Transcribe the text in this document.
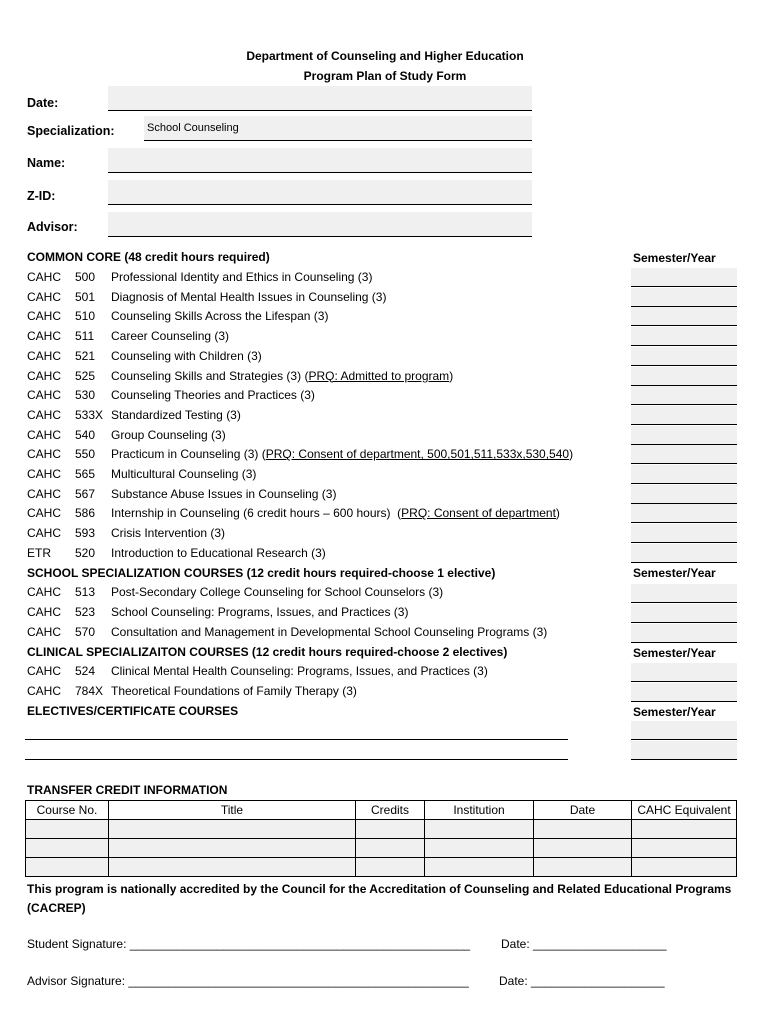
Department of Counseling and Higher Education
Program Plan of Study Form
Date:
Specialization:	School Counseling
Name:
Z-ID:
Advisor:
COMMON CORE (48 credit hours required)	Semester/Year
CAHC 500 Professional Identity and Ethics in Counseling (3)
CAHC 501 Diagnosis of Mental Health Issues in Counseling (3)
CAHC 510 Counseling Skills Across the Lifespan (3)
CAHC 511 Career Counseling (3)
CAHC 521 Counseling with Children (3)
CAHC 525 Counseling Skills and Strategies (3) (PRQ: Admitted to program)
CAHC 530 Counseling Theories and Practices (3)
CAHC 533X Standardized Testing (3)
CAHC 540 Group Counseling (3)
CAHC 550 Practicum in Counseling (3) (PRQ: Consent of department, 500,501,511,533x,530,540)
CAHC 565 Multicultural Counseling (3)
CAHC 567 Substance Abuse Issues in Counseling (3)
CAHC 586 Internship in Counseling (6 credit hours – 600 hours)  (PRQ: Consent of department)
CAHC 593 Crisis Intervention (3)
ETR 520 Introduction to Educational Research (3)
SCHOOL SPECIALIZATION COURSES (12 credit hours required-choose 1 elective)	Semester/Year
CAHC 513 Post-Secondary College Counseling for School Counselors (3)
CAHC 523 School Counseling: Programs, Issues, and Practices (3)
CAHC 570 Consultation and Management in Developmental School Counseling Programs (3)
CLINICAL SPECIALIZAITON COURSES (12 credit hours required-choose 2 electives)	Semester/Year
CAHC 524 Clinical Mental Health Counseling: Programs, Issues, and Practices (3)
CAHC 784X Theoretical Foundations of Family Therapy (3)
ELECTIVES/CERTIFICATE COURSES	Semester/Year
TRANSFER CREDIT INFORMATION
Course No.	Title	Credits	Institution	Date	CAHC Equivalent

This program is nationally accredited by the Council for the Accreditation of Counseling and Related Educational Programs (CACREP)
Student Signature: ___________________________________________________	Date: ____________________
Advisor Signature: ___________________________________________________	Date: ____________________
